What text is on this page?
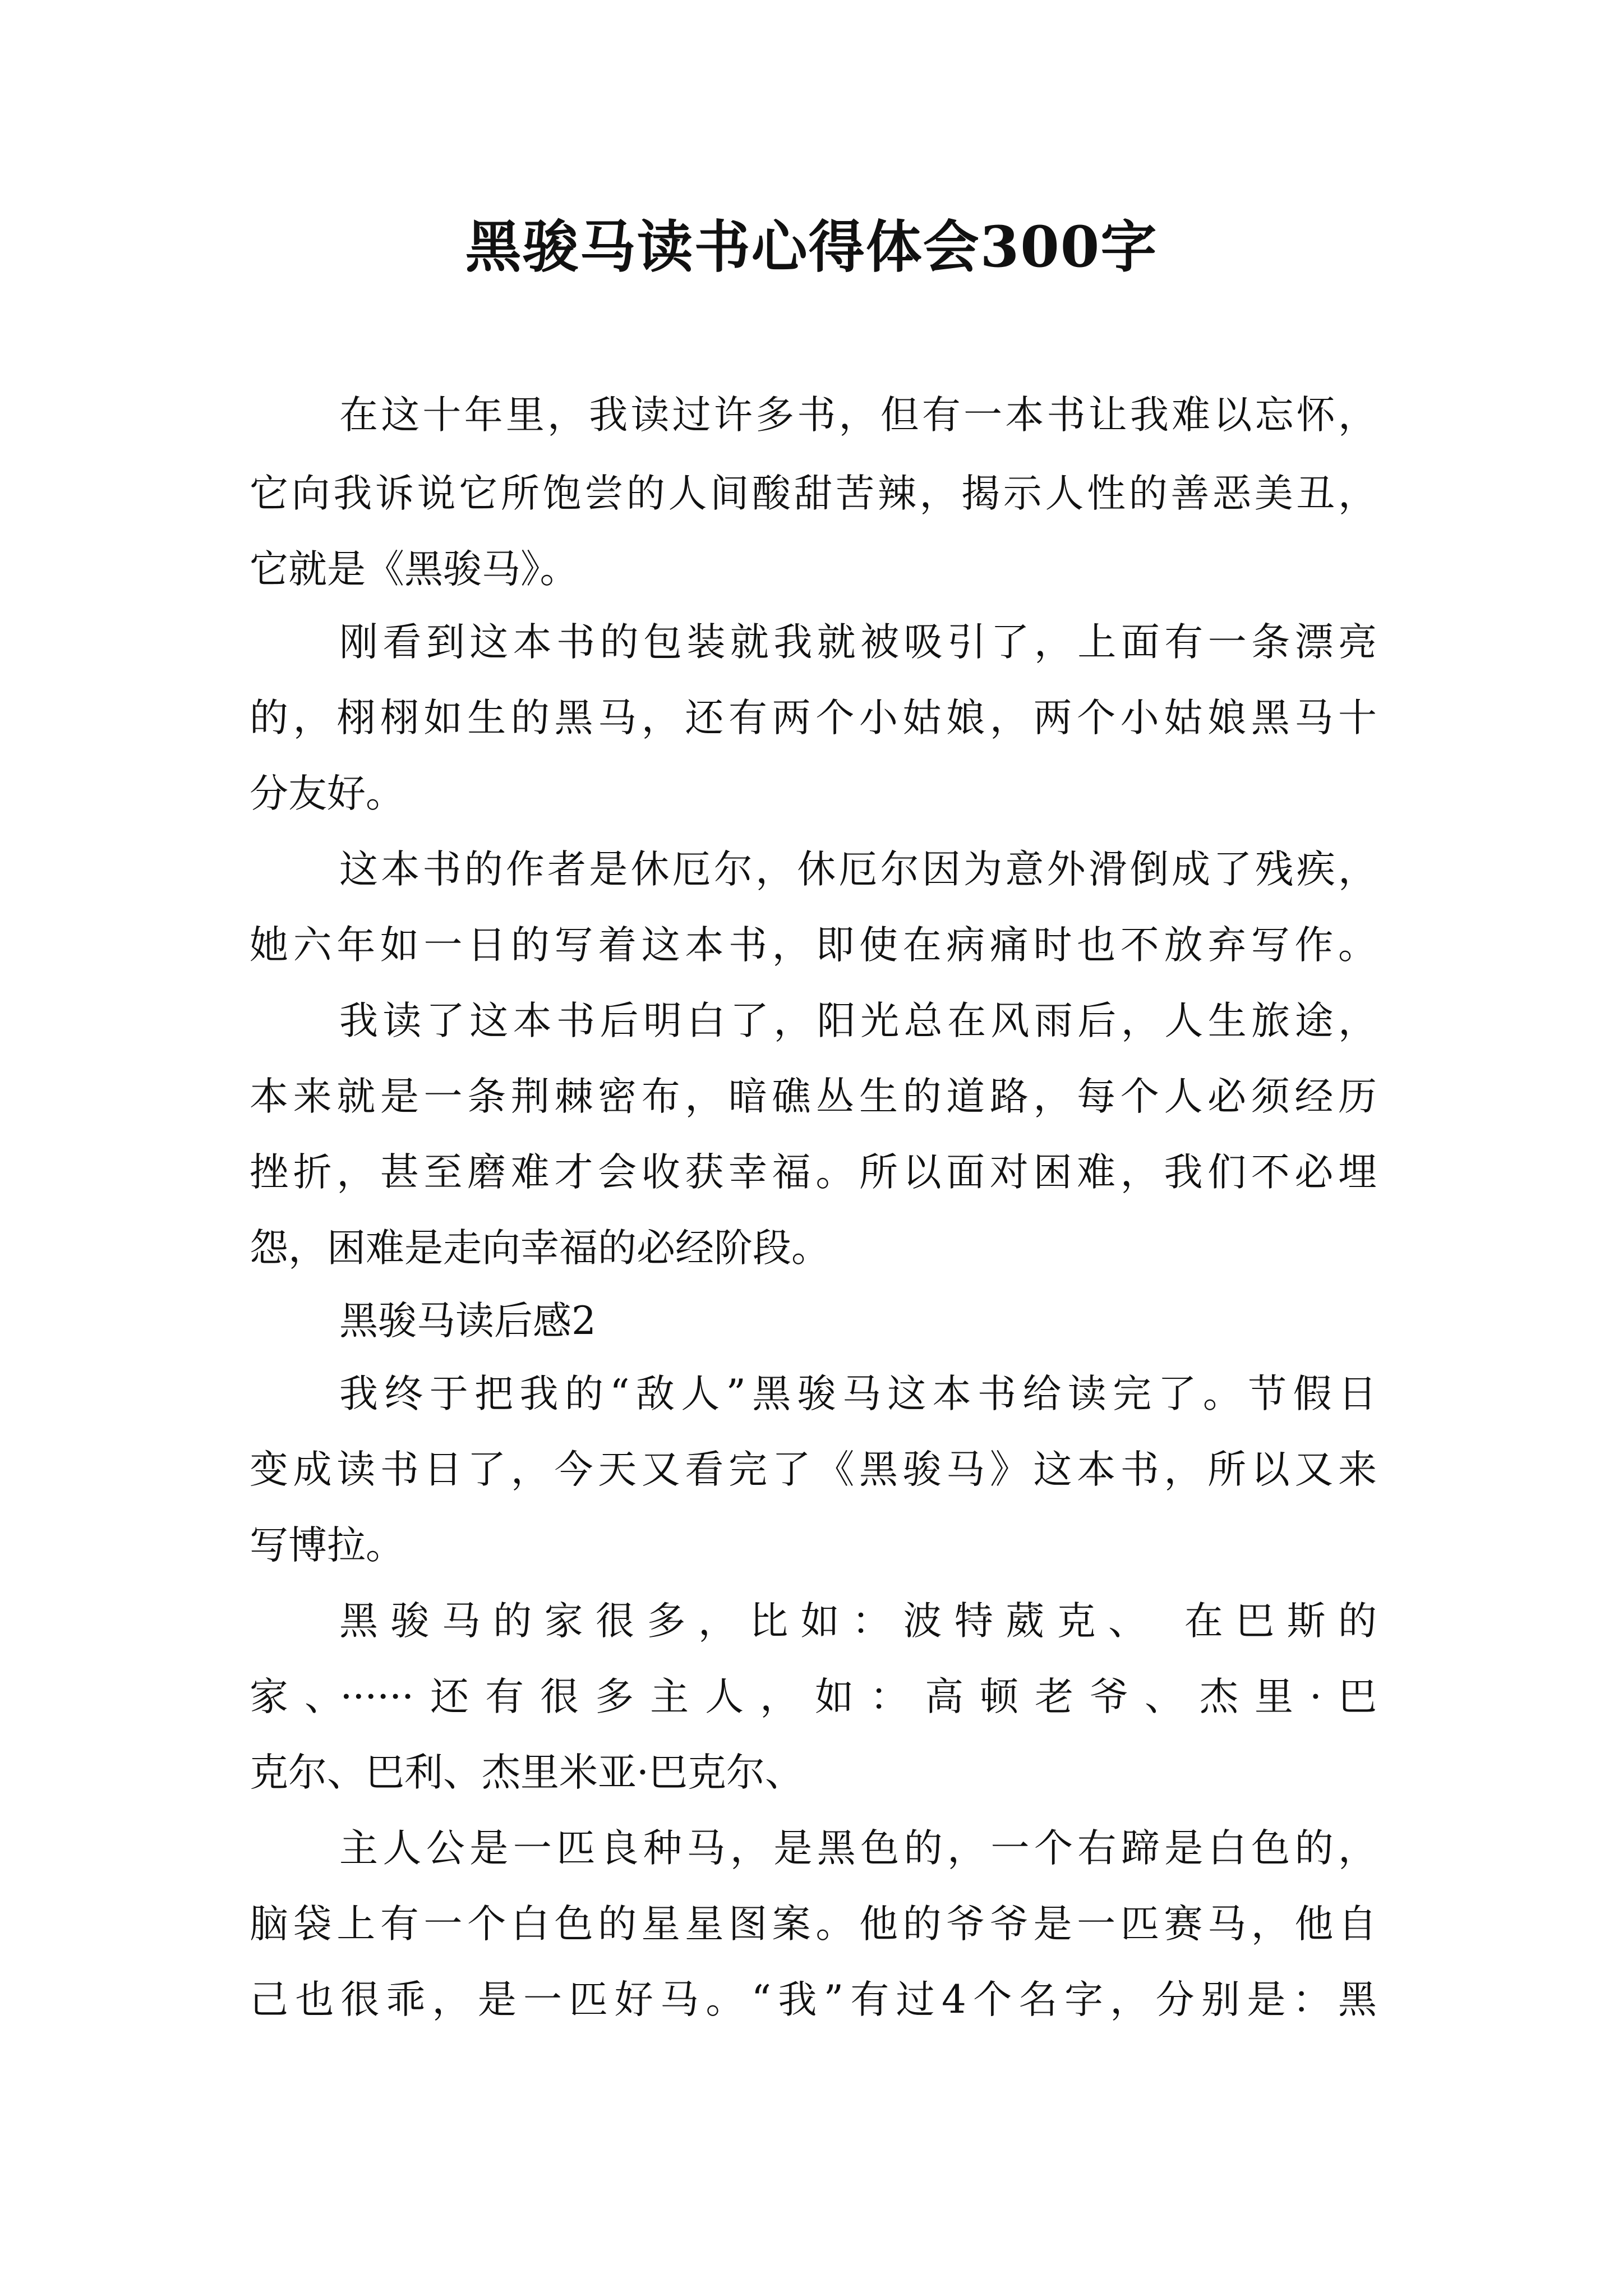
黑骏马读书心得体会300字

在这十年里，我读过许多书，但有一本书让我难以忘怀，

它向我诉说它所饱尝的人间酸甜苦辣，揭示人性的善恶美丑，

它就是《黑骏马》。

刚看到这本书的包装就我就被吸引了，上面有一条漂亮

的，栩栩如生的黑马，还有两个小姑娘，两个小姑娘黑马十

分友好。

这本书的作者是休厄尔，休厄尔因为意外滑倒成了残疾，

她六年如一日的写着这本书，即使在病痛时也不放弃写作。

我读了这本书后明白了，阳光总在风雨后，人生旅途，

本来就是一条荆棘密布，暗礁丛生的道路，每个人必须经历

挫折，甚至磨难才会收获幸福。所以面对困难，我们不必埋

怨，困难是走向幸福的必经阶段。

黑骏马读后感2

我终于把我的“敌人”黑骏马这本书给读完了。节假日

变成读书日了，今天又看完了《黑骏马》这本书，所以又来

写博拉。

黑骏马的家很多，比如：波特葳克、 在巴斯的

家、······还有很多主人，如：高顿老爷、杰里·巴

克尔、巴利、杰里米亚·巴克尔、

主人公是一匹良种马，是黑色的，一个右蹄是白色的，

脑袋上有一个白色的星星图案。他的爷爷是一匹赛马，他自

己也很乖，是一匹好马。“我”有过4个名字，分别是：黑
